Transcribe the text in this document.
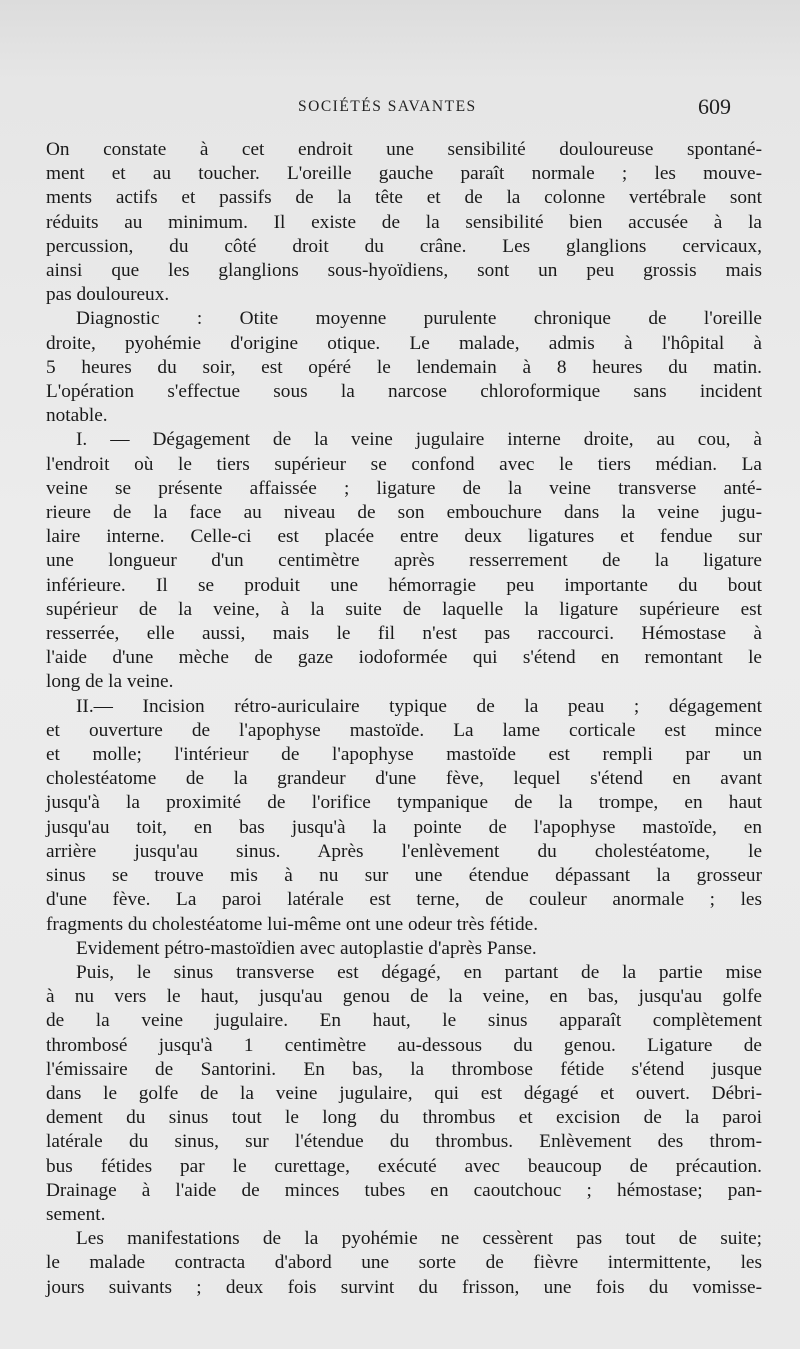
SOCIÉTÉS SAVANTES	609

On constate à cet endroit une sensibilité douloureuse spontané-

ment et au toucher. L'oreille gauche paraît normale ; les mouve-

ments actifs et passifs de la tête et de la colonne vertébrale sont

réduits au minimum. Il existe de la sensibilité bien accusée à la

percussion, du côté droit du crâne. Les glanglions cervicaux,

ainsi que les glanglions sous-hyoïdiens, sont un peu grossis mais

pas douloureux.

Diagnostic : Otite moyenne purulente chronique de l'oreille

droite, pyohémie d'origine otique. Le malade, admis à l'hôpital à

5 heures du soir, est opéré le lendemain à 8 heures du matin.

L'opération s'effectue sous la narcose chloroformique sans incident

notable.

I. — Dégagement de la veine jugulaire interne droite, au cou, à

l'endroit où le tiers supérieur se confond avec le tiers médian. La

veine se présente affaissée ; ligature de la veine transverse anté-

rieure de la face au niveau de son embouchure dans la veine jugu-

laire interne. Celle-ci est placée entre deux ligatures et fendue sur

une longueur d'un centimètre après resserrement de la ligature

inférieure. Il se produit une hémorragie peu importante du bout

supérieur de la veine, à la suite de laquelle la ligature supérieure est

resserrée, elle aussi, mais le fil n'est pas raccourci. Hémostase à

l'aide d'une mèche de gaze iodoformée qui s'étend en remontant le

long de la veine.

II.— Incision rétro-auriculaire typique de la peau ; dégagement

et ouverture de l'apophyse mastoïde. La lame corticale est mince

et molle; l'intérieur de l'apophyse mastoïde est rempli par un

cholestéatome de la grandeur d'une fève, lequel s'étend en avant

jusqu'à la proximité de l'orifice tympanique de la trompe, en haut

jusqu'au toit, en bas jusqu'à la pointe de l'apophyse mastoïde, en

arrière jusqu'au sinus. Après l'enlèvement du cholestéatome, le

sinus se trouve mis à nu sur une étendue dépassant la grosseur

d'une fève. La paroi latérale est terne, de couleur anormale ; les

fragments du cholestéatome lui-même ont une odeur très fétide.

Evidement pétro-mastoïdien avec autoplastie d'après Panse.

Puis, le sinus transverse est dégagé, en partant de la partie mise

à nu vers le haut, jusqu'au genou de la veine, en bas, jusqu'au golfe

de la veine jugulaire. En haut, le sinus apparaît complètement

thrombosé jusqu'à 1 centimètre au-dessous du genou. Ligature de

l'émissaire de Santorini. En bas, la thrombose fétide s'étend jusque

dans le golfe de la veine jugulaire, qui est dégagé et ouvert. Débri-

dement du sinus tout le long du thrombus et excision de la paroi

latérale du sinus, sur l'étendue du thrombus. Enlèvement des throm-

bus fétides par le curettage, exécuté avec beaucoup de précaution.

Drainage à l'aide de minces tubes en caoutchouc ; hémostase; pan-

sement.

Les manifestations de la pyohémie ne cessèrent pas tout de suite;

le malade contracta d'abord une sorte de fièvre intermittente, les

jours suivants ; deux fois survint du frisson, une fois du vomisse-
